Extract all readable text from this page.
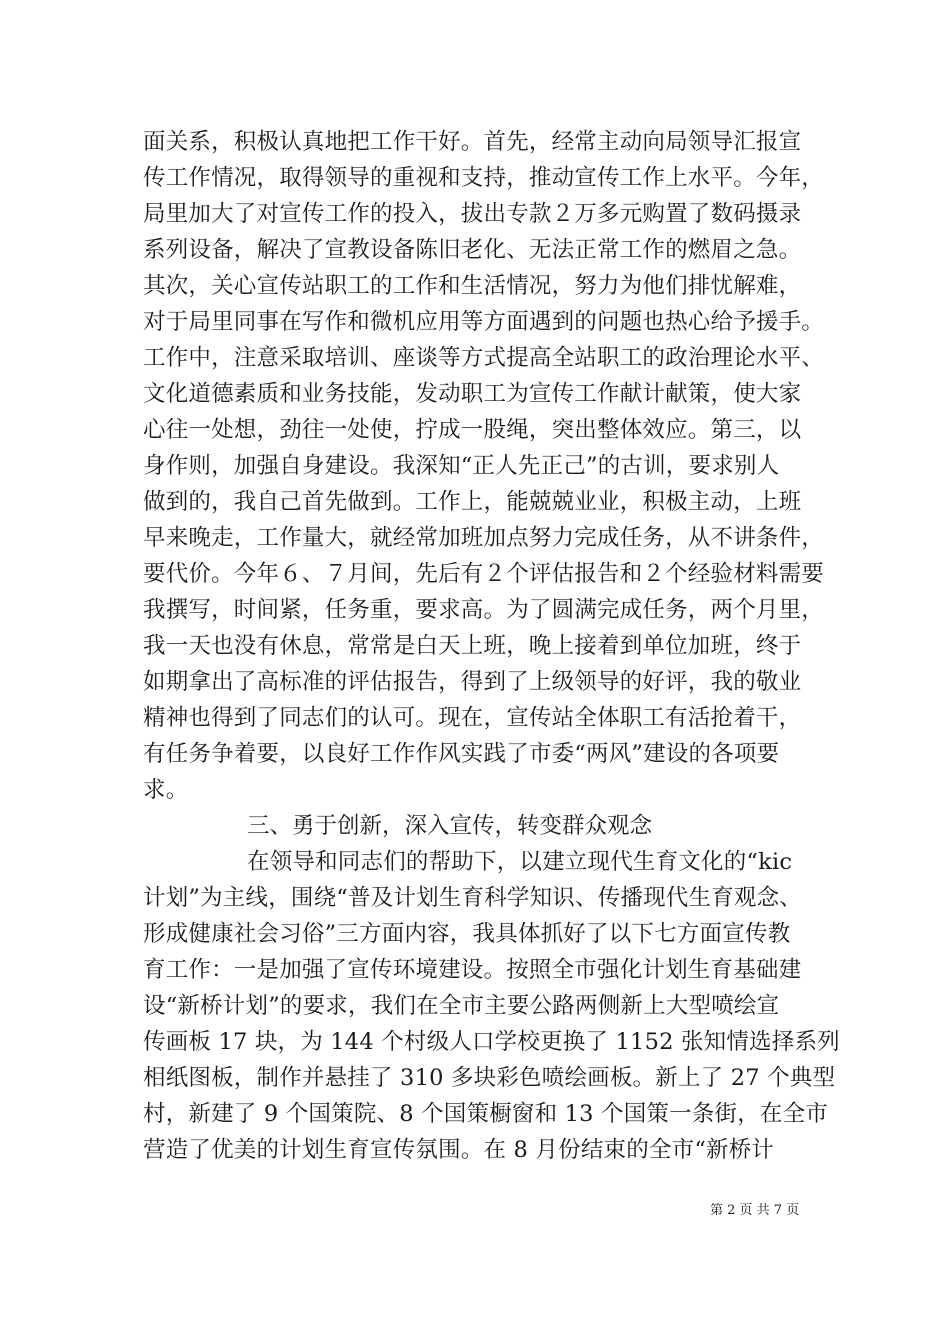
面关系，积极认真地把工作干好。首先，经常主动向局领导汇报宣
传工作情况，取得领导的重视和支持，推动宣传工作上水平。今年，
局里加大了对宣传工作的投入，拔出专款２万多元购置了数码摄录
系列设备，解决了宣教设备陈旧老化、无法正常工作的燃眉之急。
其次，关心宣传站职工的工作和生活情况，努力为他们排忧解难，
对于局里同事在写作和微机应用等方面遇到的问题也热心给予援手。
工作中，注意采取培训、座谈等方式提高全站职工的政治理论水平、
文化道德素质和业务技能，发动职工为宣传工作献计献策，使大家
心往一处想，劲往一处使，拧成一股绳，突出整体效应。第三，以
身作则，加强自身建设。我深知“正人先正己”的古训，要求别人
做到的，我自己首先做到。工作上，能兢兢业业，积极主动，上班
早来晚走，工作量大，就经常加班加点努力完成任务，从不讲条件，
要代价。今年６、７月间，先后有２个评估报告和２个经验材料需要
我撰写，时间紧，任务重，要求高。为了圆满完成任务，两个月里，
我一天也没有休息，常常是白天上班，晚上接着到单位加班，终于
如期拿出了高标准的评估报告，得到了上级领导的好评，我的敬业
精神也得到了同志们的认可。现在，宣传站全体职工有活抢着干，
有任务争着要，以良好工作作风实践了市委“两风”建设的各项要
求。
三、勇于创新，深入宣传，转变群众观念
在领导和同志们的帮助下，以建立现代生育文化的“kic
计划”为主线，围绕“普及计划生育科学知识、传播现代生育观念、
形成健康社会习俗”三方面内容，我具体抓好了以下七方面宣传教
育工作：一是加强了宣传环境建设。按照全市强化计划生育基础建
设“新桥计划”的要求，我们在全市主要公路两侧新上大型喷绘宣
传画板 17 块，为 144 个村级人口学校更换了 1152 张知情选择系列
相纸图板，制作并悬挂了 310 多块彩色喷绘画板。新上了 27 个典型
村，新建了 9 个国策院、8 个国策橱窗和 13 个国策一条街，在全市
营造了优美的计划生育宣传氛围。在 8 月份结束的全市“新桥计
第 2 页 共 7 页
